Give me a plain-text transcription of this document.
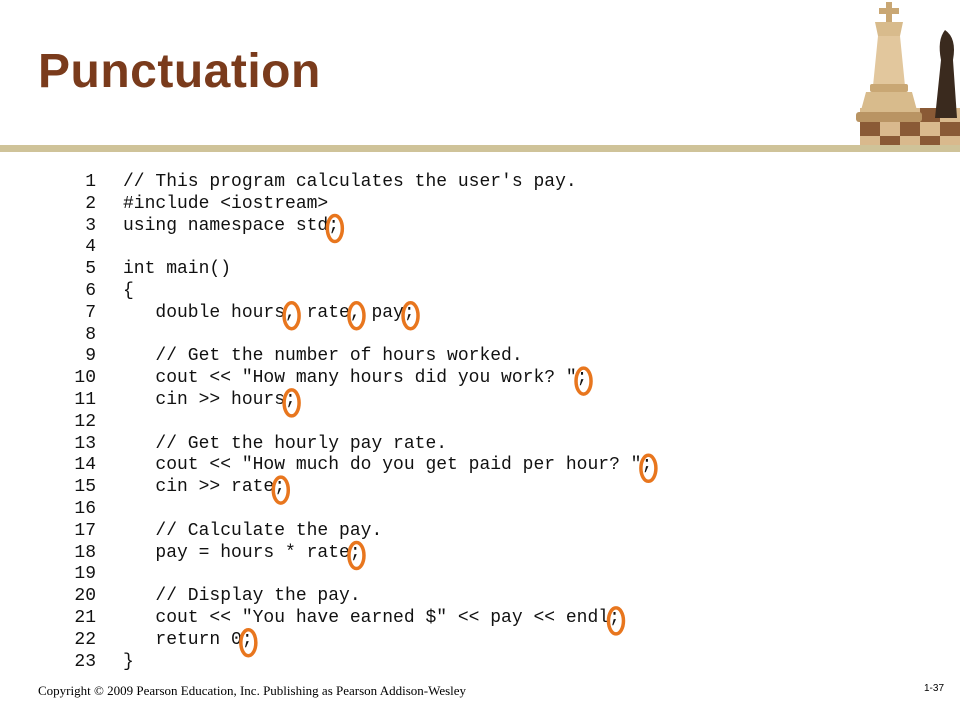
Punctuation
1 // This program calculates the user's pay.
2 #include <iostream>
3 using namespace std;
4
5 int main()
6 {
7 double hours, rate, pay;
8
9 // Get the number of hours worked.
10 cout << "How many hours did you work? ";
11 cin >> hours;
12
13 // Get the hourly pay rate.
14 cout << "How much do you get paid per hour? ";
15 cin >> rate;
16
17 // Calculate the pay.
18 pay = hours * rate;
19
20 // Display the pay.
21 cout << "You have earned $" << pay << endl;
22 return 0;
23 }
Copyright © 2009 Pearson Education, Inc. Publishing as Pearson Addison-Wesley	1-37
